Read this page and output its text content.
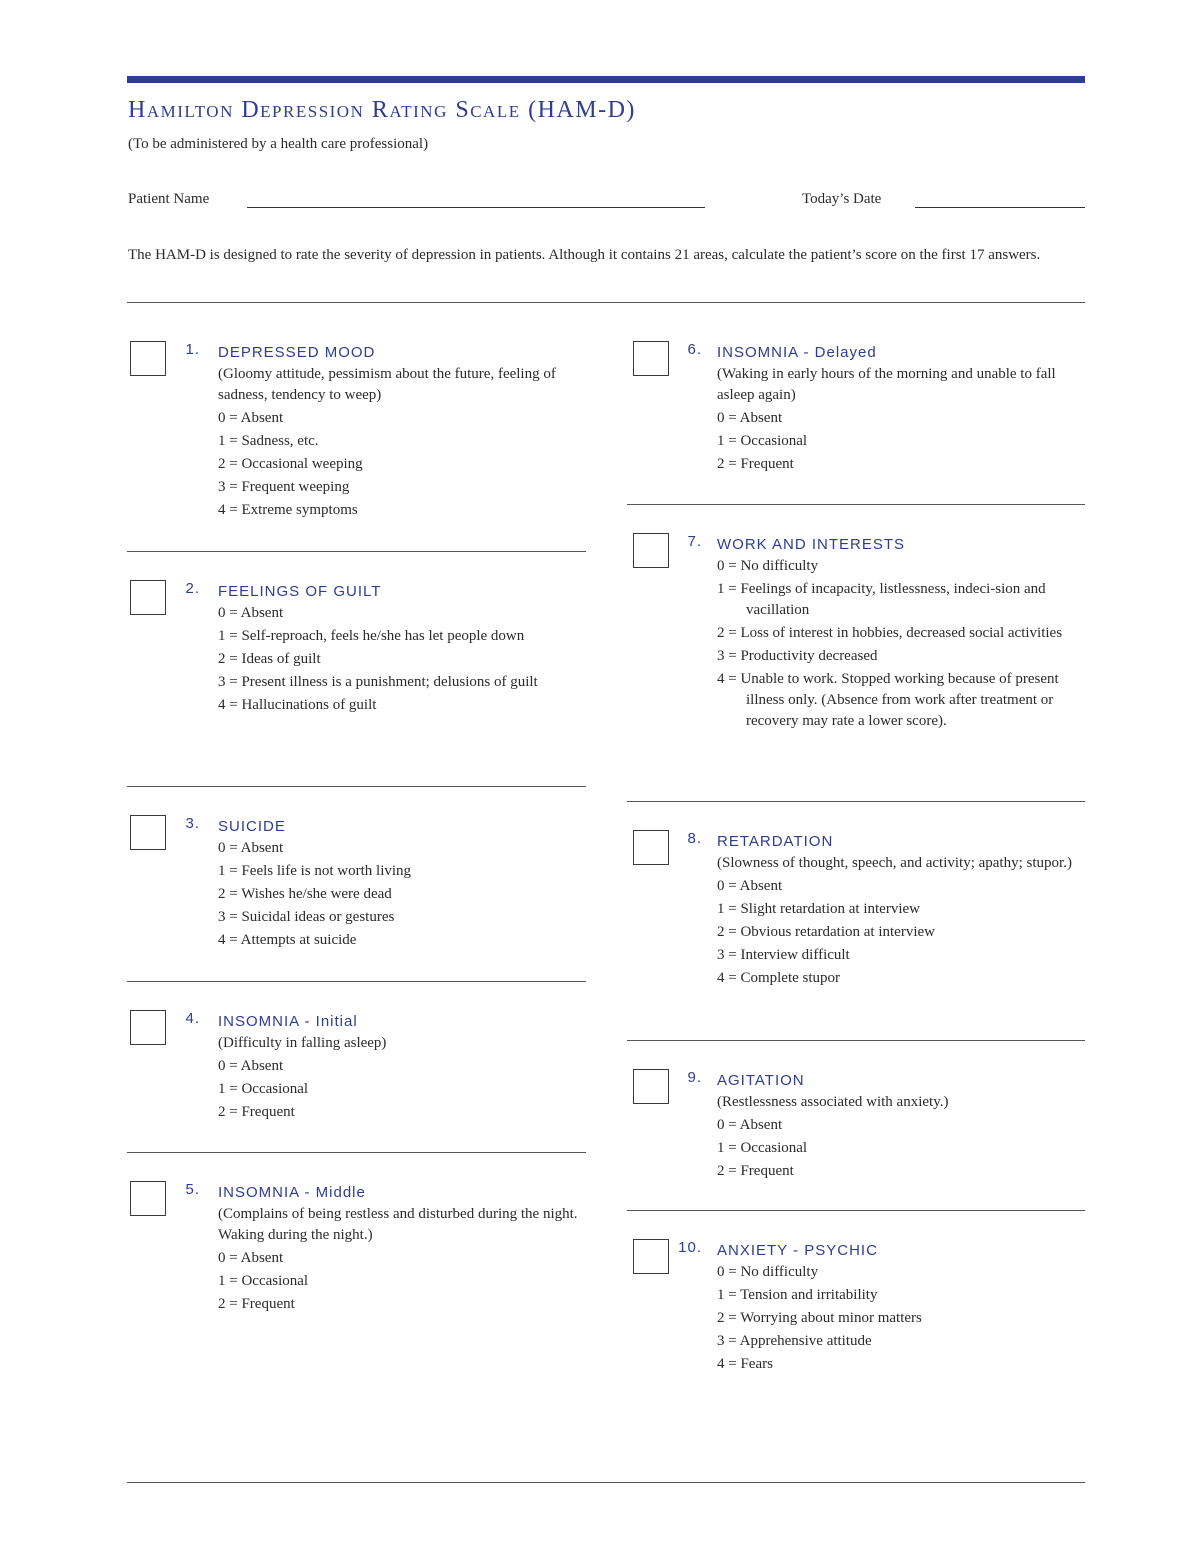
Hamilton Depression Rating Scale (HAM-D)
(To be administered by a health care professional)
Patient Name	Today’s Date

The HAM-D is designed to rate the severity of depression in patients. Although it contains 21 areas, calculate the patient’s score on the first 17 answers.

1. DEPRESSED MOOD
(Gloomy attitude, pessimism about the future, feeling of sadness, tendency to weep)
0 = Absent
1 = Sadness, etc.
2 = Occasional weeping
3 = Frequent weeping
4 = Extreme symptoms
2. FEELINGS OF GUILT
0 = Absent
1 = Self-reproach, feels he/she has let people down
2 = Ideas of guilt
3 = Present illness is a punishment; delusions of guilt
4 = Hallucinations of guilt
3. SUICIDE
0 = Absent
1 = Feels life is not worth living
2 = Wishes he/she were dead
3 = Suicidal ideas or gestures
4 = Attempts at suicide
4. INSOMNIA - Initial
(Difficulty in falling asleep)
0 = Absent
1 = Occasional
2 = Frequent
5. INSOMNIA - Middle
(Complains of being restless and disturbed during the night. Waking during the night.)
0 = Absent
1 = Occasional
2 = Frequent
6. INSOMNIA - Delayed
(Waking in early hours of the morning and unable to fall asleep again)
0 = Absent
1 = Occasional
2 = Frequent
7. WORK AND INTERESTS
0 = No difficulty
1 = Feelings of incapacity, listlessness, indeci-sion and vacillation
2 = Loss of interest in hobbies, decreased social activities
3 = Productivity decreased
4 = Unable to work. Stopped working because of present illness only. (Absence from work after treatment or recovery may rate a lower score).
8. RETARDATION
(Slowness of thought, speech, and activity; apathy; stupor.)
0 = Absent
1 = Slight retardation at interview
2 = Obvious retardation at interview
3 = Interview difficult
4 = Complete stupor
9. AGITATION
(Restlessness associated with anxiety.)
0 = Absent
1 = Occasional
2 = Frequent
10. ANXIETY - PSYCHIC
0 = No difficulty
1 = Tension and irritability
2 = Worrying about minor matters
3 = Apprehensive attitude
4 = Fears
